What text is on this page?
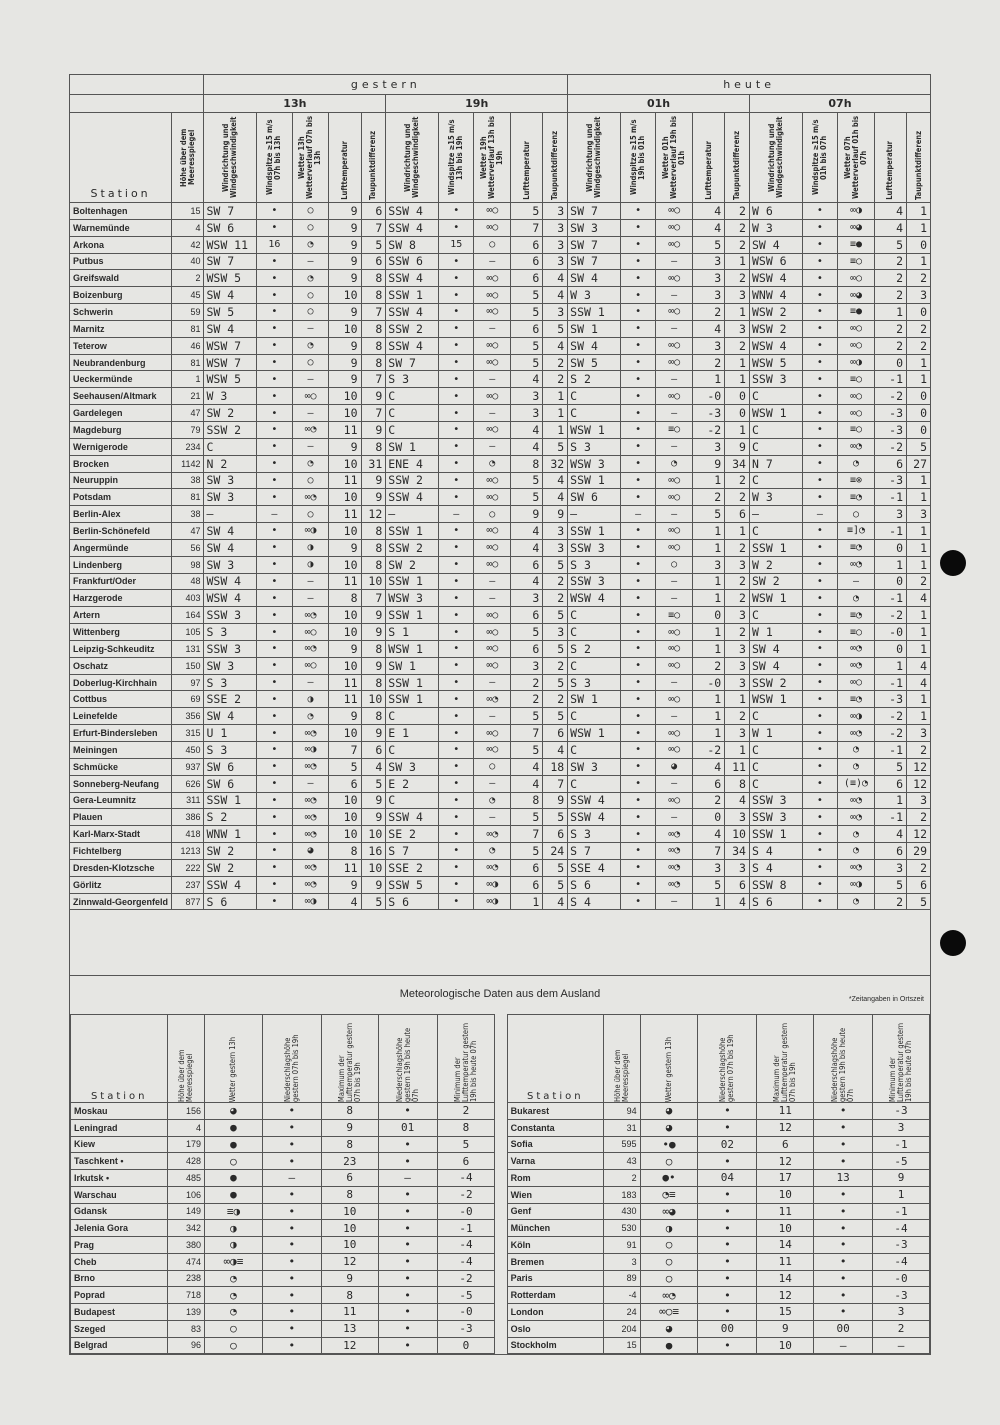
		gestern										heute									
		13h					19h					01h					07h				
Station	Höhe über dem Meeresspiegel	Windrichtung und Windgeschwindigkeit	Windspitze ≥15 m/s 07h bis 13h	Wetter 13h Wetterverlauf 07h bis 13h	Lufttemperatur	Taupunktdifferenz	Windrichtung und Windgeschwindigkeit	Windspitze ≥15 m/s 13h bis 19h	Wetter 19h Wetterverlauf 13h bis 19h	Lufttemperatur	Taupunktdifferenz	Windrichtung und Windgeschwindigkeit	Windspitze ≥15 m/s 19h bis 01h	Wetter 01h Wetterverlauf 19h bis 01h	Lufttemperatur	Taupunktdifferenz	Windrichtung und Windgeschwindigkeit	Windspitze ≥15 m/s 01h bis 07h	Wetter 07h Wetterverlauf 01h bis 07h	Lufttemperatur	Taupunktdifferenz

Boltenhagen	15	SW 7	•	○	9	6	SSW 4	•	∞○	5	3	SW 7	•	∞○	4	2	W 6	•	∞◑	4	1
Warnemünde	4	SW 6	•	○	9	7	SSW 4	•	∞○	7	3	SW 3	•	∞○	4	2	W 3	•	∞◕	4	1
Arkona	42	WSW 11	16	◔	9	5	SW 8	15	○	6	3	SW 7	•	∞○	5	2	SW 4	•	≡●	5	0
Putbus	40	SW 7	•	–	9	6	SSW 6	•	–	6	3	SW 7	•	–	3	1	WSW 6	•	≡○	2	1
Greifswald	2	WSW 5	•	◔	9	8	SSW 4	•	∞○	6	4	SW 4	•	∞○	3	2	WSW 4	•	∞○	2	2
Boizenburg	45	SW 4	•	○	10	8	SSW 1	•	∞○	5	4	W 3	•	–	3	3	WNW 4	•	∞◕	2	3
Schwerin	59	SW 5	•	○	9	7	SSW 4	•	∞○	5	3	SSW 1	•	∞○	2	1	WSW 2	•	≡●	1	0
Marnitz	81	SW 4	•	–	10	8	SSW 2	•	–	6	5	SW 1	•	–	4	3	WSW 2	•	∞○	2	2
Teterow	46	WSW 7	•	◔	9	8	SSW 4	•	∞○	5	4	SW 4	•	∞○	3	2	WSW 4	•	∞○	2	2
Neubrandenburg	81	WSW 7	•	○	9	8	SW 7	•	∞○	5	2	SW 5	•	∞○	2	1	WSW 5	•	∞◑	0	1
Ueckermünde	1	WSW 5	•	–	9	7	S 3	•	–	4	2	S 2	•	–	1	1	SSW 3	•	≡○	-1	1
Seehausen/Altmark	21	W 3	•	∞○	10	9	C	•	∞○	3	1	C	•	∞○	-0	0	C	•	∞○	-2	0
Gardelegen	47	SW 2	•	–	10	7	C	•	–	3	1	C	•	–	-3	0	WSW 1	•	∞○	-3	0
Magdeburg	79	SSW 2	•	∞◔	11	9	C	•	∞○	4	1	WSW 1	•	≡○	-2	1	C	•	≡○	-3	0
Wernigerode	234	C	•	–	9	8	SW 1	•	–	4	5	S 3	•	–	3	9	C	•	∞◔	-2	5
Brocken	1142	N 2	•	◔	10	31	ENE 4	•	◔	8	32	WSW 3	•	◔	9	34	N 7	•	◔	6	27
Neuruppin	38	SW 3	•	○	11	9	SSW 2	•	∞○	5	4	SSW 1	•	∞○	1	2	C	•	≡⊗	-3	1
Potsdam	81	SW 3	•	∞◔	10	9	SSW 4	•	∞○	5	4	SW 6	•	∞○	2	2	W 3	•	≡◔	-1	1
Berlin-Alex	38	–	–	○	11	12	–	–	○	9	9	–	–	–	5	6	–	–	○	3	3
Berlin-Schönefeld	47	SW 4	•	∞◑	10	8	SSW 1	•	∞○	4	3	SSW 1	•	∞○	1	1	C	•	≡]◔	-1	1
Angermünde	56	SW 4	•	◑	9	8	SSW 2	•	∞○	4	3	SSW 3	•	∞○	1	2	SSW 1	•	≡◔	0	1
Lindenberg	98	SW 3	•	◑	10	8	SW 2	•	∞○	6	5	S 3	•	○	3	3	W 2	•	∞◔	1	1
Frankfurt/Oder	48	WSW 4	•	–	11	10	SSW 1	•	–	4	2	SSW 3	•	–	1	2	SW 2	•	–	0	2
Harzgerode	403	WSW 4	•	–	8	7	WSW 3	•	–	3	2	WSW 4	•	–	1	2	WSW 1	•	◔	-1	4
Artern	164	SSW 3	•	∞◔	10	9	SSW 1	•	∞○	6	5	C	•	≡○	0	3	C	•	≡◔	-2	1
Wittenberg	105	S 3	•	∞○	10	9	S 1	•	∞○	5	3	C	•	∞○	1	2	W 1	•	≡○	-0	1
Leipzig-Schkeuditz	131	SSW 3	•	∞◔	9	8	WSW 1	•	∞○	6	5	S 2	•	∞○	1	3	SW 4	•	∞◔	0	1
Oschatz	150	SW 3	•	∞○	10	9	SW 1	•	∞○	3	2	C	•	∞○	2	3	SW 4	•	∞◔	1	4
Doberlug-Kirchhain	97	S 3	•	–	11	8	SSW 1	•	–	2	5	S 3	•	–	-0	3	SSW 2	•	∞○	-1	4
Cottbus	69	SSE 2	•	◑	11	10	SSW 1	•	∞◔	2	2	SW 1	•	∞○	1	1	WSW 1	•	≡◔	-3	1
Leinefelde	356	SW 4	•	◔	9	8	C	•	–	5	5	C	•	–	1	2	C	•	∞◑	-2	1
Erfurt-Bindersleben	315	U 1	•	∞◔	10	9	E 1	•	∞○	7	6	WSW 1	•	∞○	1	3	W 1	•	∞◔	-2	3
Meiningen	450	S 3	•	∞◑	7	6	C	•	∞○	5	4	C	•	∞○	-2	1	C	•	◔	-1	2
Schmücke	937	SW 6	•	∞◔	5	4	SW 3	•	○	4	18	SW 3	•	◕	4	11	C	•	◔	5	12
Sonneberg-Neufang	626	SW 6	•	–	6	5	E 2	•	–	4	7	C	•	–	6	8	C	•	(≡)◔	6	12
Gera-Leumnitz	311	SSW 1	•	∞◔	10	9	C	•	◔	8	9	SSW 4	•	∞○	2	4	SSW 3	•	∞◔	1	3
Plauen	386	S 2	•	∞◔	10	9	SSW 4	•	–	5	5	SSW 4	•	–	0	3	SSW 3	•	∞◔	-1	2
Karl-Marx-Stadt	418	WNW 1	•	∞◔	10	10	SE 2	•	∞◔	7	6	S 3	•	∞◔	4	10	SSW 1	•	◔	4	12
Fichtelberg	1213	SW 2	•	◕	8	16	S 7	•	◔	5	24	S 7	•	∞◔	7	34	S 4	•	◔	6	29
Dresden-Klotzsche	222	SW 2	•	∞◔	11	10	SSE 2	•	∞◔	6	5	SSE 4	•	∞◔	3	3	S 4	•	∞◔	3	2
Görlitz	237	SSW 4	•	∞◔	9	9	SSW 5	•	∞◑	6	5	S 6	•	∞◔	5	6	SSW 8	•	∞◑	5	6
Zinnwald-Georgenfeld	877	S 6	•	∞◑	4	5	S 6	•	∞◑	1	4	S 4	•	–	1	4	S 6	•	◔	2	5
Meteorologische Daten aus dem Ausland	*Zeitangaben in Ortszeit
Station	Höhe über dem Meeresspiegel	Wetter gestern 13h	Niederschlagshöhe gestern 07h bis 19h	Maximum der Lufttemperatur gestern 07h bis 19h	Niederschlagshöhe gestern 19h bis heute 07h	Minimum der Lufttemperatur gestern 19h bis heute 07h		Station	Höhe über dem Meeresspiegel	Wetter gestern 13h	Niederschlagshöhe gestern 07h bis 19h	Maximum der Lufttemperatur gestern 07h bis 19h	Niederschlagshöhe gestern 19h bis heute 07h	Minimum der Lufttemperatur gestern 19h bis heute 07h

Moskau	156	◕	•	8	•	2		Bukarest	94	◕	•	11	•	-3
Leningrad	4	●	•	9	01	8		Constanta	31	◕	•	12	•	3
Kiew	179	●	•	8	•	5		Sofia	595	•●	02	6	•	-1
Taschkent •	428	○	•	23	•	6		Varna	43	○	•	12	•	-5
Irkutsk •	485	●	–	6	–	-4		Rom	2	●•	04	17	13	9
Warschau	106	●	•	8	•	-2		Wien	183	◔≡	•	10	•	1
Gdansk	149	≡◑	•	10	•	-0		Genf	430	∞◕	•	11	•	-1
Jelenia Gora	342	◑	•	10	•	-1		München	530	◑	•	10	•	-4
Prag	380	◑	•	10	•	-4		Köln	91	○	•	14	•	-3
Cheb	474	∞◑≡	•	12	•	-4		Bremen	3	○	•	11	•	-4
Brno	238	◔	•	9	•	-2		Paris	89	○	•	14	•	-0
Poprad	718	◔	•	8	•	-5		Rotterdam	-4	∞◔	•	12	•	-3
Budapest	139	◔	•	11	•	-0		London	24	∞○≡	•	15	•	3
Szeged	83	○	•	13	•	-3		Oslo	204	◕	00	9	00	2
Belgrad	96	○	•	12	•	0		Stockholm	15	●	•	10	–	–
